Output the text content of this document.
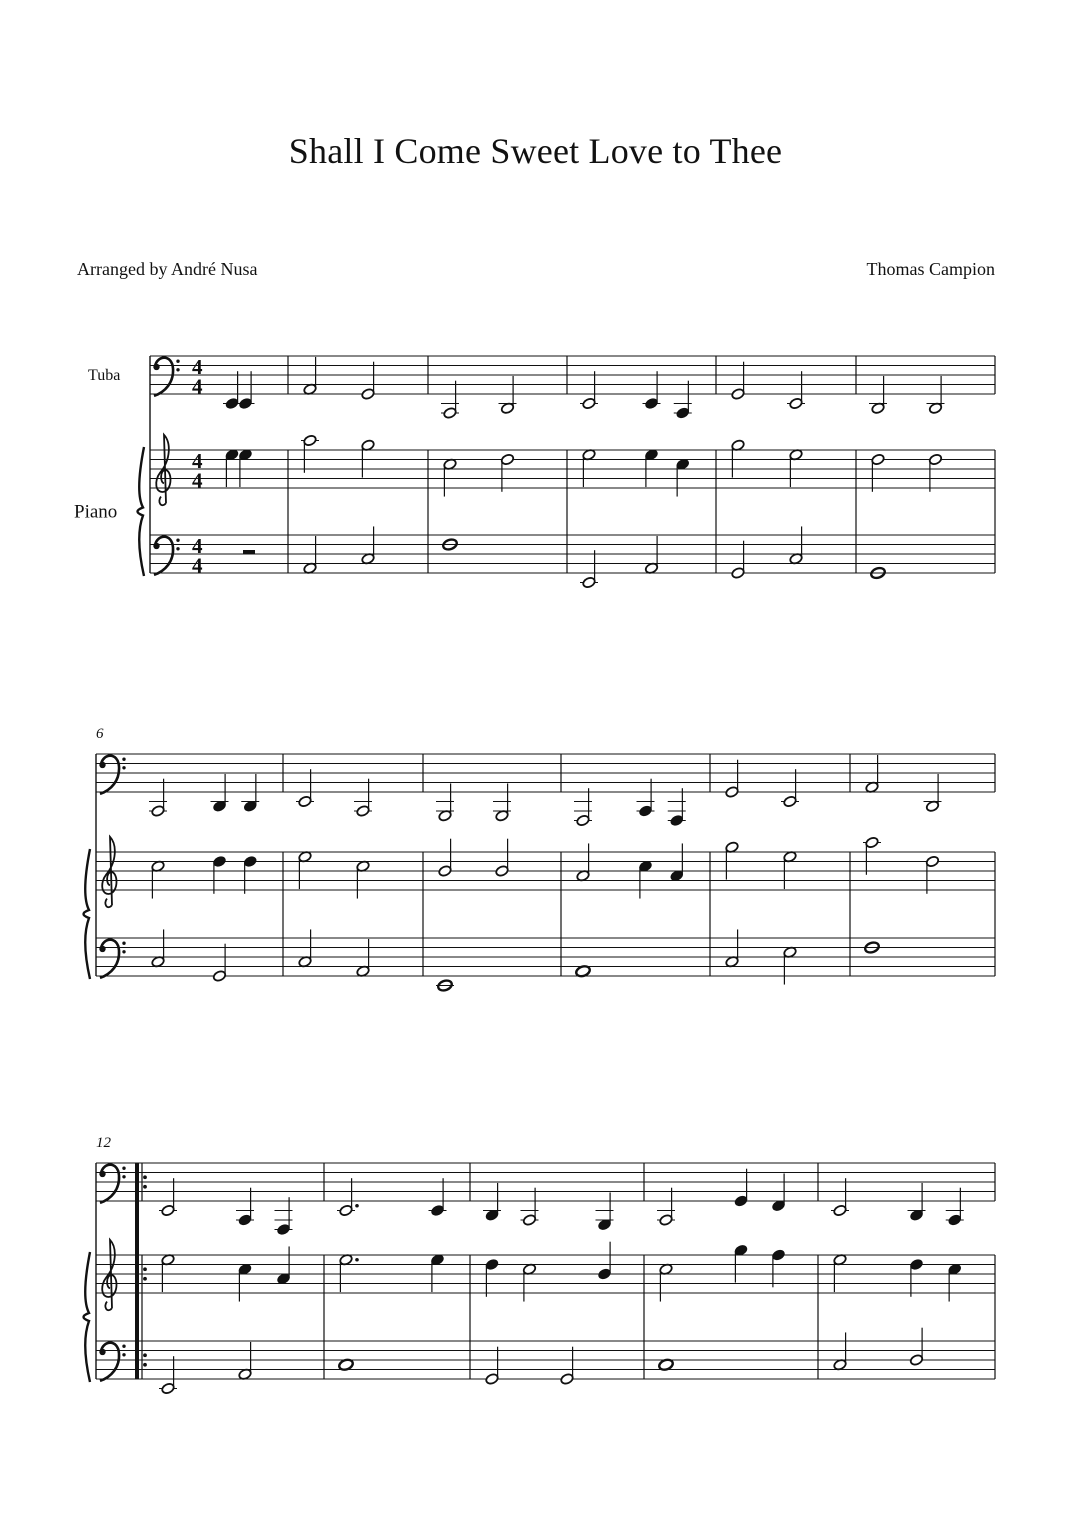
Shall I Come Sweet Love to Thee
Arranged by André Nusa	Thomas Campion
4
4
4
4
4
4
Tuba
Piano
6
12
